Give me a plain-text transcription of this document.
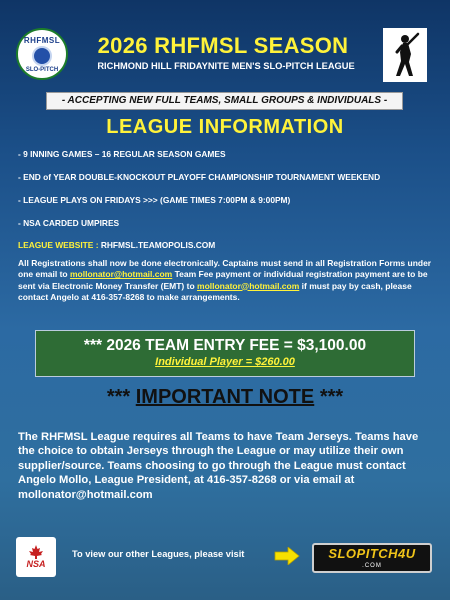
RHFMSL
SLO-PITCH
2026 RHFMSL SEASON
RICHMOND HILL FRIDAYNITE MEN'S SLO-PITCH LEAGUE
- ACCEPTING NEW FULL TEAMS, SMALL GROUPS & INDIVIDUALS -
LEAGUE INFORMATION
- 9 INNING GAMES – 16 REGULAR SEASON GAMES
- END of YEAR DOUBLE-KNOCKOUT PLAYOFF CHAMPIONSHIP TOURNAMENT WEEKEND
- LEAGUE PLAYS ON FRIDAYS >>> (GAME TIMES 7:00PM & 9:00PM)
- NSA CARDED UMPIRES
LEAGUE WEBSITE : RHFMSL.TEAMOPOLIS.COM
All Registrations shall now be done electronically. Captains must send in all Registration Forms under one email to mollonator@hotmail.com Team Fee payment or individual registration payment are to be sent via Electronic Money Transfer (EMT) to mollonator@hotmail.com if must pay by cash, please contact Angelo at 416-357-8268 to make arrangements.
*** 2026 TEAM ENTRY FEE = $3,100.00
Individual Player = $260.00
*** IMPORTANT NOTE ***
The RHFMSL League requires all Teams to have Team Jerseys. Teams have the choice to obtain Jerseys through the League or may utilize their own supplier/source. Teams choosing to go through the League must contact Angelo Mollo, League President, at 416-357-8268 or via email at mollonator@hotmail.com
NSA
To view our other Leagues, please visit	SLOPITCH4U
.COM
